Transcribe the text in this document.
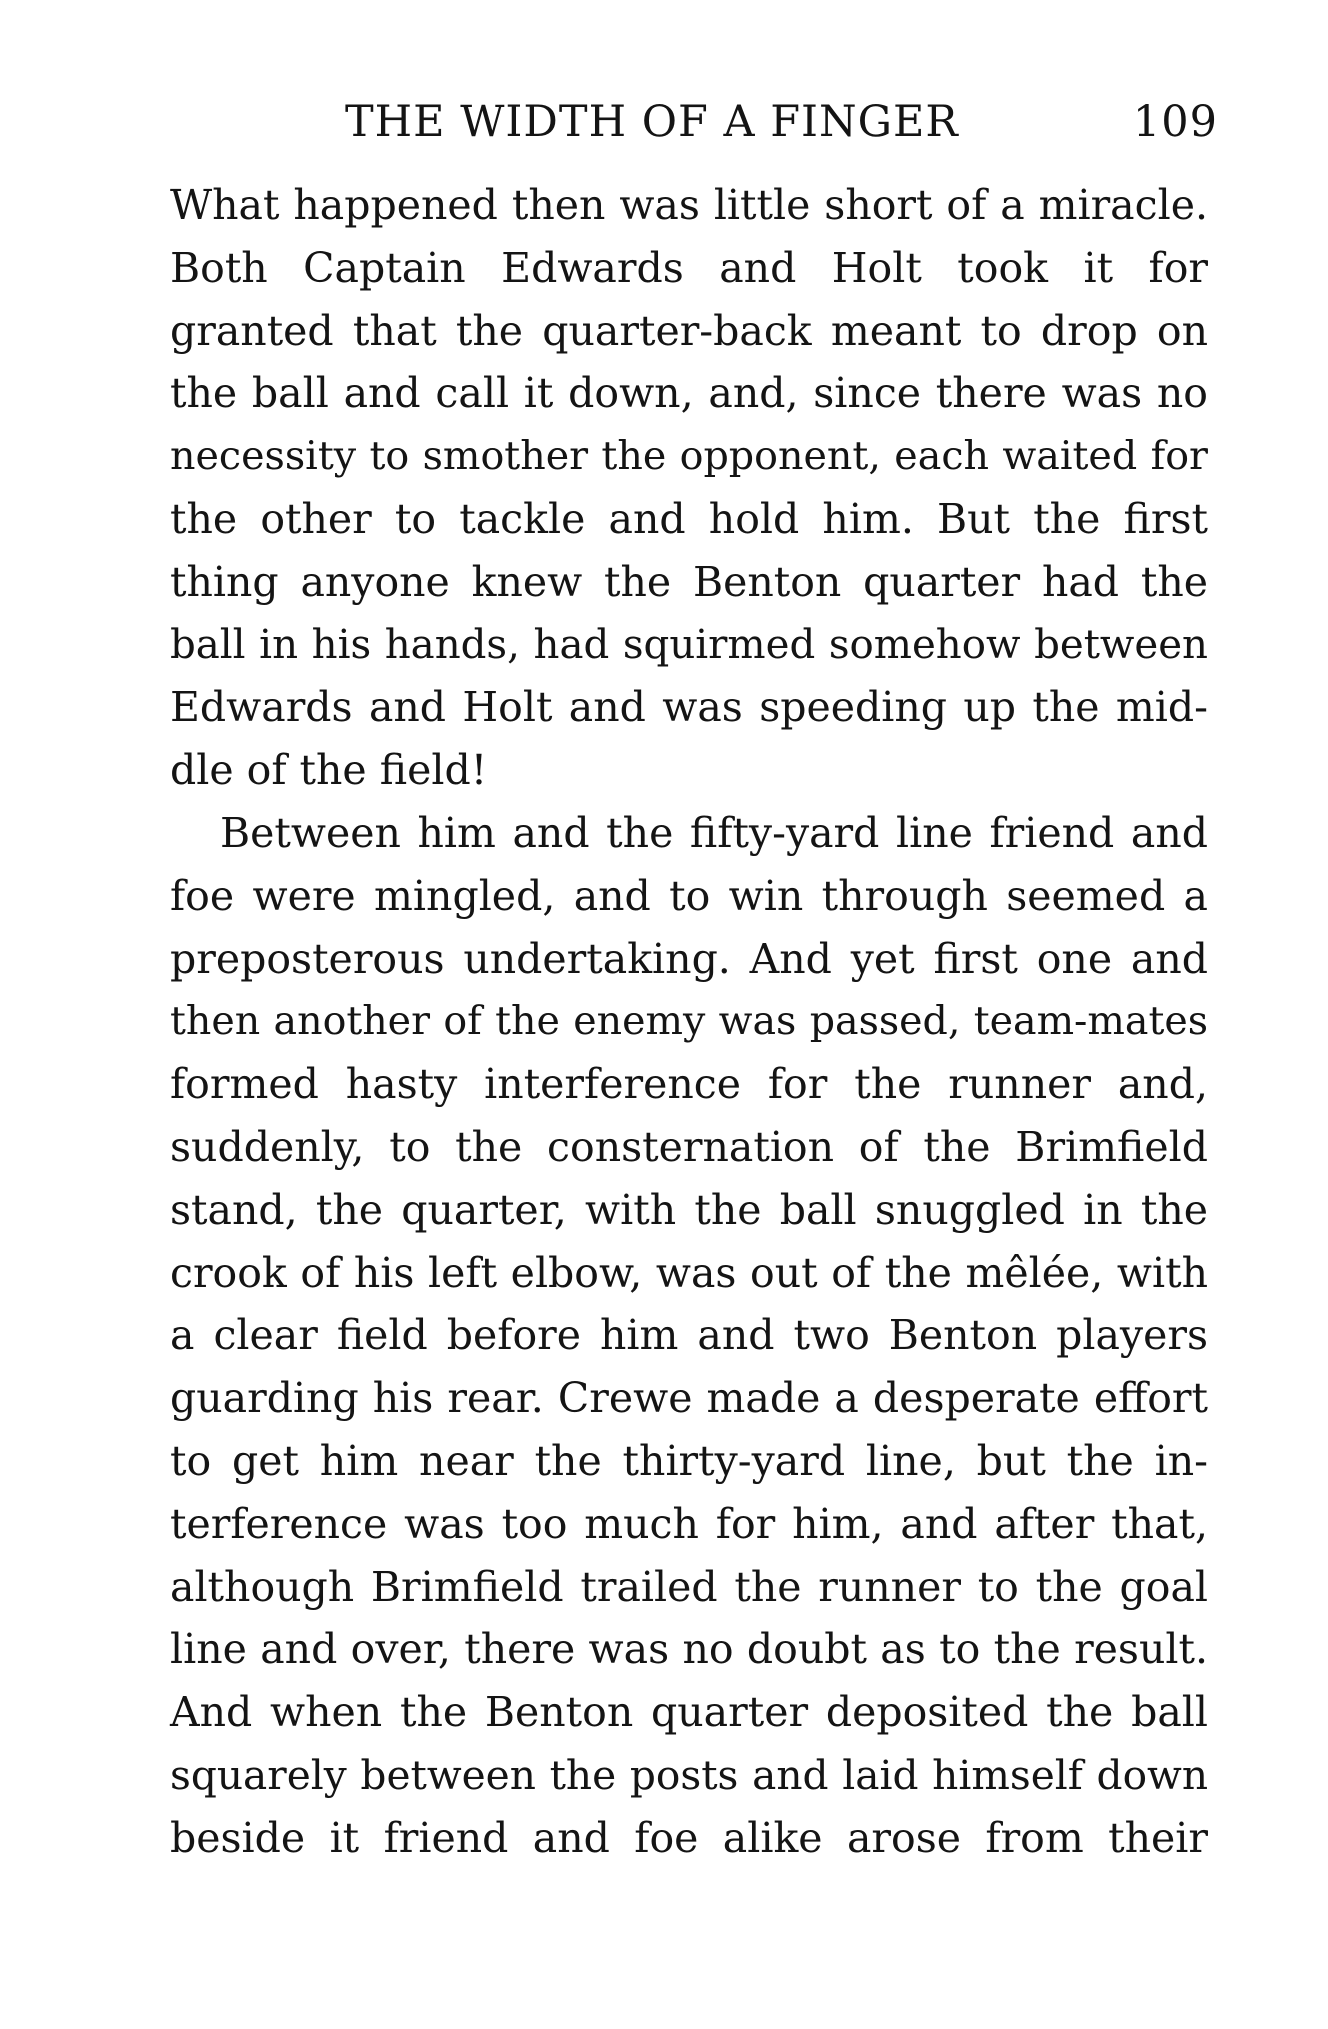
THE WIDTH OF A FINGER	109
What happened then was little short of a miracle.
Both Captain Edwards and Holt took it for
granted that the quarter-back meant to drop on
the ball and call it down, and, since there was no
necessity to smother the opponent, each waited for
the other to tackle and hold him. But the first
thing anyone knew the Benton quarter had the
ball in his hands, had squirmed somehow between
Edwards and Holt and was speeding up the mid-
dle of the field!
Between him and the fifty-yard line friend and
foe were mingled, and to win through seemed a
preposterous undertaking. And yet first one and
then another of the enemy was passed, team-mates
formed hasty interference for the runner and,
suddenly, to the consternation of the Brimfield
stand, the quarter, with the ball snuggled in the
crook of his left elbow, was out of the mêlée, with
a clear field before him and two Benton players
guarding his rear. Crewe made a desperate effort
to get him near the thirty-yard line, but the in-
terference was too much for him, and after that,
although Brimfield trailed the runner to the goal
line and over, there was no doubt as to the result.
And when the Benton quarter deposited the ball
squarely between the posts and laid himself down
beside it friend and foe alike arose from their
